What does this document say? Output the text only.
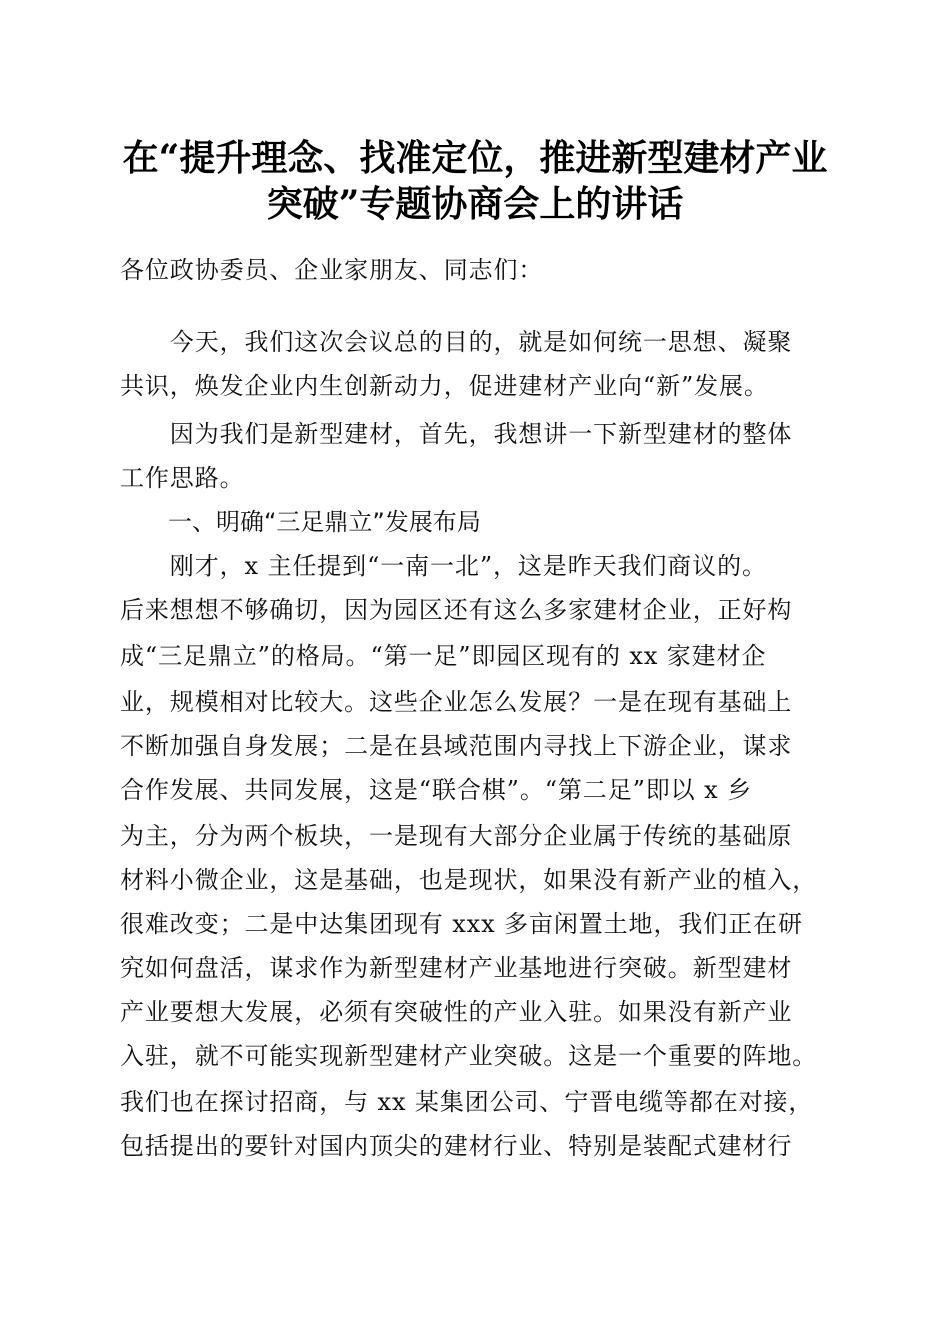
在“提升理念、找准定位，推进新型建材产业
突破”专题协商会上的讲话
各位政协委员、企业家朋友、同志们：
　　今天，我们这次会议总的目的，就是如何统一思想、凝聚
共识，焕发企业内生创新动力，促进建材产业向“新”发展。
　　因为我们是新型建材，首先，我想讲一下新型建材的整体
工作思路。
一、明确“三足鼎立”发展布局
　　刚才，x 主任提到“一南一北”，这是昨天我们商议的。
后来想想不够确切，因为园区还有这么多家建材企业，正好构
成“三足鼎立”的格局。“第一足”即园区现有的 xx 家建材企
业，规模相对比较大。这些企业怎么发展？一是在现有基础上
不断加强自身发展；二是在县域范围内寻找上下游企业，谋求
合作发展、共同发展，这是“联合棋”。“第二足”即以 x 乡
为主，分为两个板块，一是现有大部分企业属于传统的基础原
材料小微企业，这是基础，也是现状，如果没有新产业的植入，
很难改变；二是中达集团现有 xxx 多亩闲置土地，我们正在研
究如何盘活，谋求作为新型建材产业基地进行突破。新型建材
产业要想大发展，必须有突破性的产业入驻。如果没有新产业
入驻，就不可能实现新型建材产业突破。这是一个重要的阵地。
我们也在探讨招商，与 xx 某集团公司、宁晋电缆等都在对接，
包括提出的要针对国内顶尖的建材行业、特别是装配式建材行
